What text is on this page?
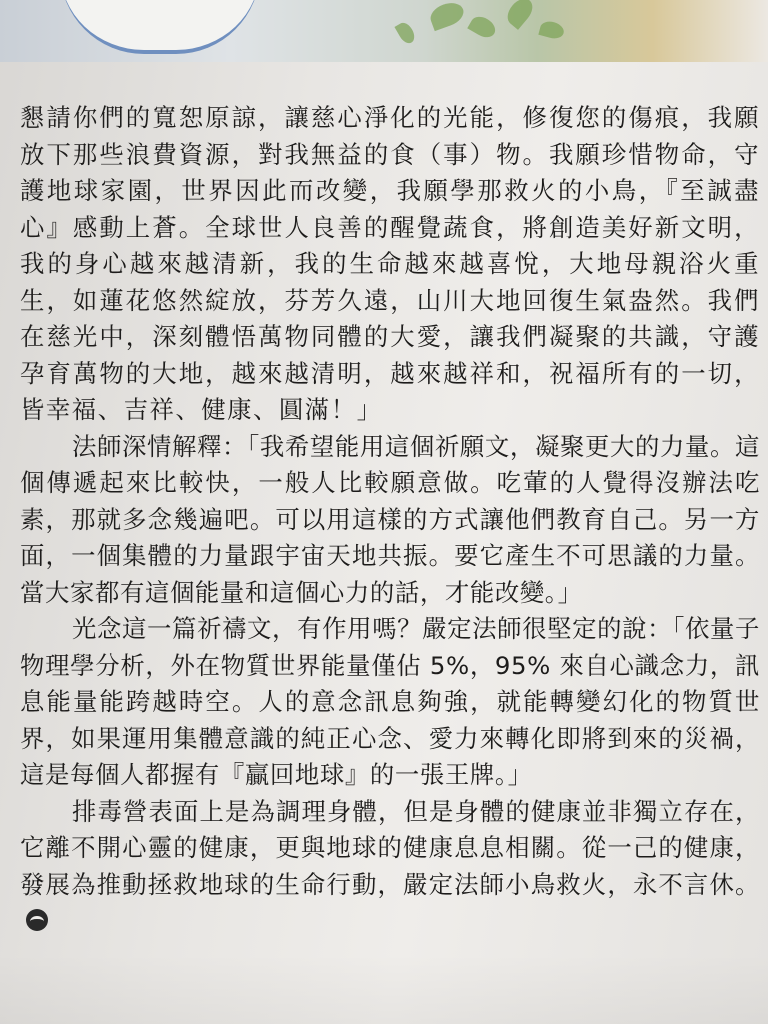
懇請你們的寬恕原諒，讓慈心淨化的光能，修復您的傷痕，我願放下那些浪費資源，對我無益的食（事）物。我願珍惜物命，守護地球家園，世界因此而改變，我願學那救火的小鳥，『至誠盡心』感動上蒼。全球世人良善的醒覺蔬食，將創造美好新文明，我的身心越來越清新，我的生命越來越喜悅，大地母親浴火重生，如蓮花悠然綻放，芬芳久遠，山川大地回復生氣盎然。我們在慈光中，深刻體悟萬物同體的大愛，讓我們凝聚的共識，守護孕育萬物的大地，越來越清明，越來越祥和，祝福所有的一切，皆幸福、吉祥、健康、圓滿！」

法師深情解釋：「我希望能用這個祈願文，凝聚更大的力量。這個傳遞起來比較快，一般人比較願意做。吃葷的人覺得沒辦法吃素，那就多念幾遍吧。可以用這樣的方式讓他們教育自己。另一方面，一個集體的力量跟宇宙天地共振。要它產生不可思議的力量。當大家都有這個能量和這個心力的話，才能改變。」

光念這一篇祈禱文，有作用嗎？嚴定法師很堅定的說：「依量子物理學分析，外在物質世界能量僅佔 5%，95% 來自心識念力，訊息能量能跨越時空。人的意念訊息夠強，就能轉變幻化的物質世界，如果運用集體意識的純正心念、愛力來轉化即將到來的災禍，這是每個人都握有『贏回地球』的一張王牌。」

排毒營表面上是為調理身體，但是身體的健康並非獨立存在，它離不開心靈的健康，更與地球的健康息息相關。從一己的健康，發展為推動拯救地球的生命行動，嚴定法師小鳥救火，永不言休。
